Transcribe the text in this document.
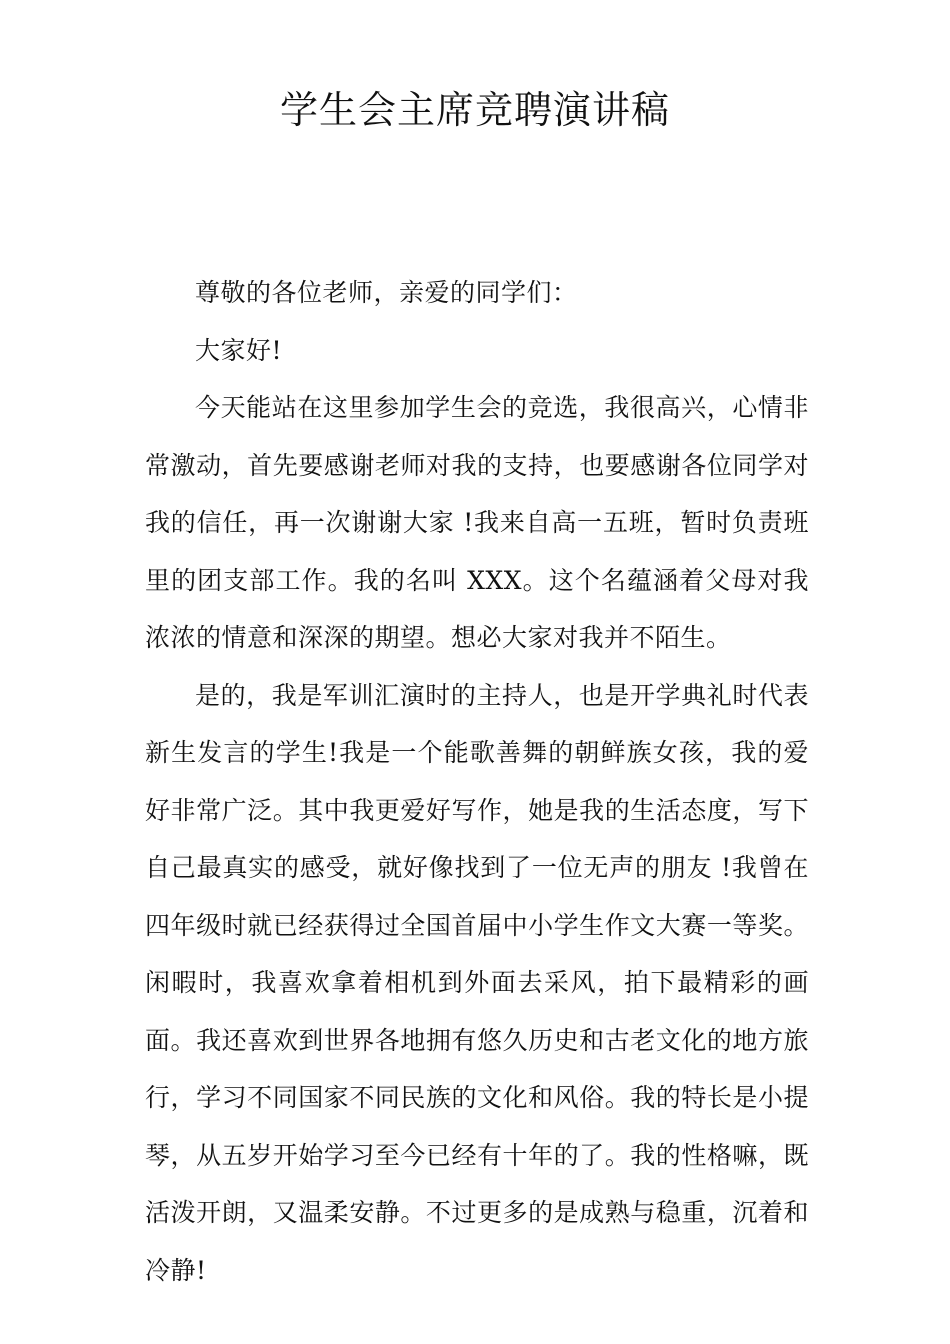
学生会主席竞聘演讲稿

尊敬的各位老师，亲爱的同学们：

大家好!

今天能站在这里参加学生会的竞选，我很高兴，心情非常激动，首先要感谢老师对我的支持，也要感谢各位同学对我的信任，再一次谢谢大家 !我来自高一五班，暂时负责班里的团支部工作。我的名叫 XXX。这个名蕴涵着父母对我浓浓的情意和深深的期望。想必大家对我并不陌生。

是的，我是军训汇演时的主持人，也是开学典礼时代表新生发言的学生!我是一个能歌善舞的朝鲜族女孩，我的爱好非常广泛。其中我更爱好写作，她是我的生活态度，写下自己最真实的感受，就好像找到了一位无声的朋友 !我曾在四年级时就已经获得过全国首届中小学生作文大赛一等奖。闲暇时，我喜欢拿着相机到外面去采风，拍下最精彩的画面。我还喜欢到世界各地拥有悠久历史和古老文化的地方旅行，学习不同国家不同民族的文化和风俗。我的特长是小提琴，从五岁开始学习至今已经有十年的了。我的性格嘛，既活泼开朗，又温柔安静。不过更多的是成熟与稳重，沉着和冷静!
